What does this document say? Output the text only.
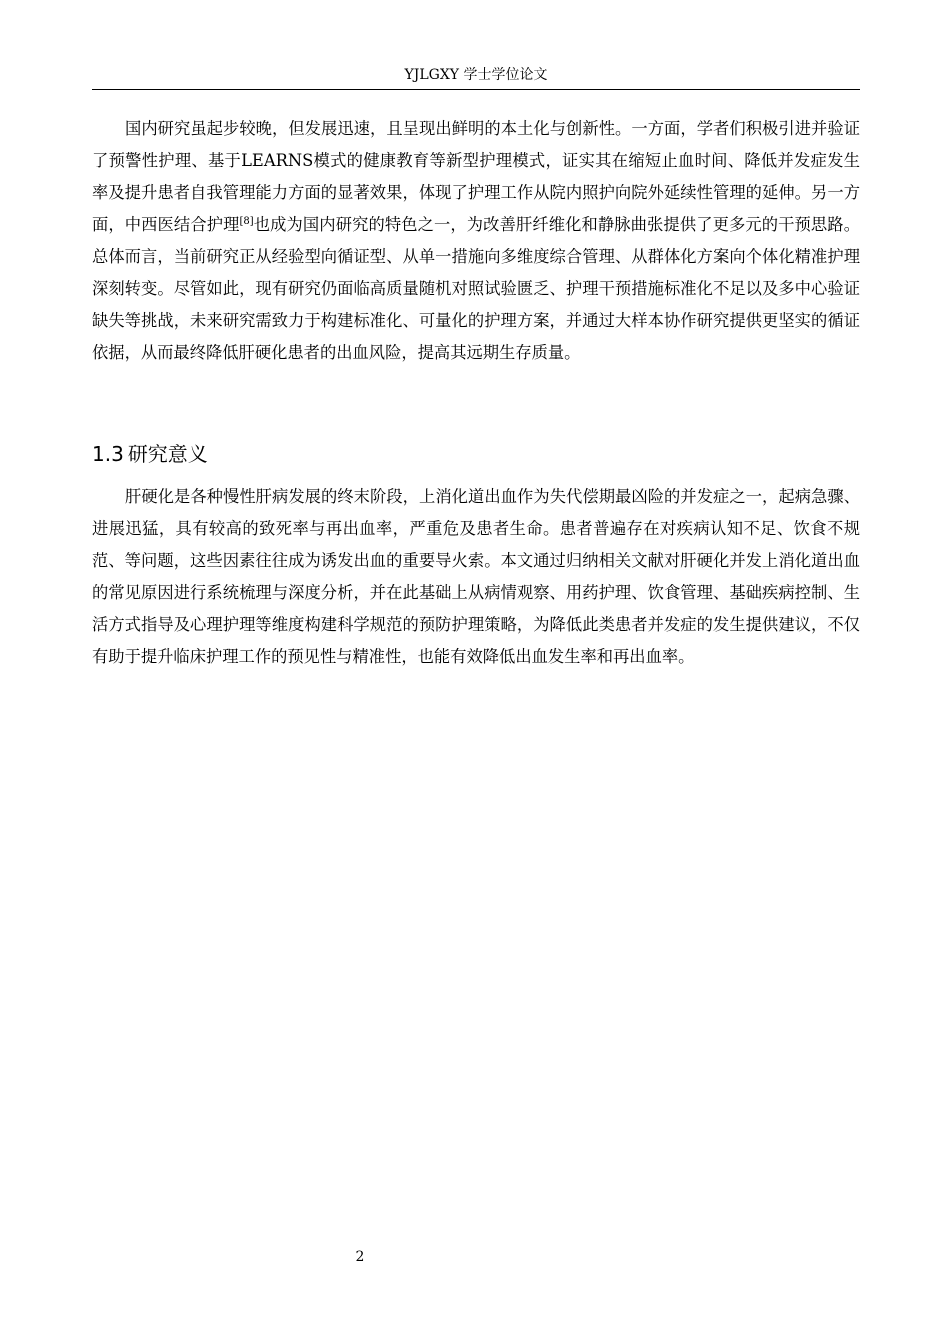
YJLGXY 学士学位论文

国内研究虽起步较晚，但发展迅速，且呈现出鲜明的本土化与创新性。一方面，学者们积极引进并验证了预警性护理、基于LEARNS模式的健康教育等新型护理模式，证实其在缩短止血时间、降低并发症发生率及提升患者自我管理能力方面的显著效果，体现了护理工作从院内照护向院外延续性管理的延伸。另一方面，中西医结合护理[8]也成为国内研究的特色之一，为改善肝纤维化和静脉曲张提供了更多元的干预思路。总体而言，当前研究正从经验型向循证型、从单一措施向多维度综合管理、从群体化方案向个体化精准护理深刻转变。尽管如此，现有研究仍面临高质量随机对照试验匮乏、护理干预措施标准化不足以及多中心验证缺失等挑战，未来研究需致力于构建标准化、可量化的护理方案，并通过大样本协作研究提供更坚实的循证依据，从而最终降低肝硬化患者的出血风险，提高其远期生存质量。

1.3 研究意义

肝硬化是各种慢性肝病发展的终末阶段，上消化道出血作为失代偿期最凶险的并发症之一，起病急骤、进展迅猛，具有较高的致死率与再出血率，严重危及患者生命。患者普遍存在对疾病认知不足、饮食不规范、等问题，这些因素往往成为诱发出血的重要导火索。本文通过归纳相关文献对肝硬化并发上消化道出血的常见原因进行系统梳理与深度分析，并在此基础上从病情观察、用药护理、饮食管理、基础疾病控制、生活方式指导及心理护理等维度构建科学规范的预防护理策略，为降低此类患者并发症的发生提供建议，不仅有助于提升临床护理工作的预见性与精准性，也能有效降低出血发生率和再出血率。

2
